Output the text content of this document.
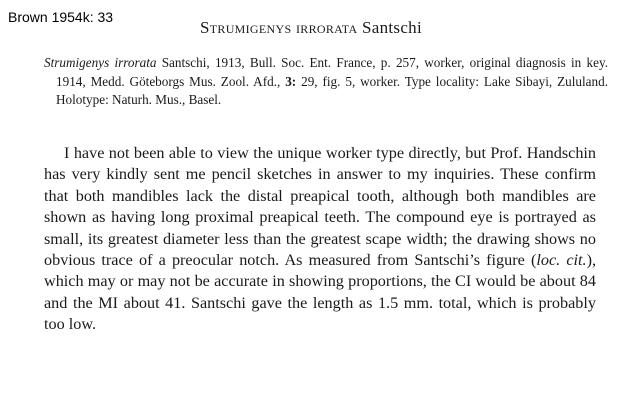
Brown 1954k: 33
Strumigenys irrorata Santschi
Strumigenys irrorata Santschi, 1913, Bull. Soc. Ent. France, p. 257, worker, original diagnosis in key. 1914, Medd. Göteborgs Mus. Zool. Afd., 3: 29, fig. 5, worker. Type locality: Lake Sibayi, Zululand. Holotype: Naturh. Mus., Basel.
I have not been able to view the unique worker type directly, but Prof. Handschin has very kindly sent me pencil sketches in answer to my inquiries. These confirm that both mandibles lack the distal preapical tooth, although both mandibles are shown as having long proximal preapical teeth. The compound eye is portrayed as small, its greatest diameter less than the greatest scape width; the drawing shows no obvious trace of a preocular notch. As measured from Santschi’s figure (loc. cit.), which may or may not be accurate in showing proportions, the CI would be about 84 and the MI about 41. Santschi gave the length as 1.5 mm. total, which is probably too low.
